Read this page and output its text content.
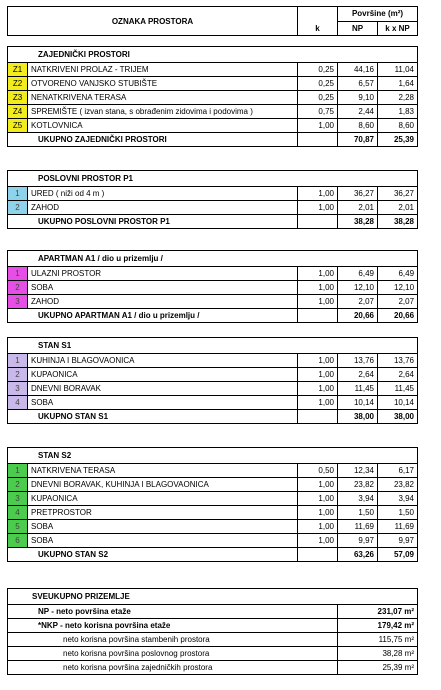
OZNAKA PROSTORA	k	Površine (m²)	
		NP	k x NP
ZAJEDNIČKI PROSTORI				
Z1	NATKRIVENI PROLAZ - TRIJEM	0,25	44,16	11,04
Z2	OTVORENO VANJSKO STUBIŠTE	0,25	6,57	1,64
Z3	NENATKRIVENA TERASA	0,25	9,10	2,28
Z4	SPREMIŠTE ( izvan stana, s obrađenim zidovima i podovima )	0,75	2,44	1,83
Z5	KOTLOVNICA	1,00	8,60	8,60
UKUPNO ZAJEDNIČKI PROSTORI			70,87	25,39
POSLOVNI PROSTOR P1				
1	URED ( niži od 4 m )	1,00	36,27	36,27
2	ZAHOD	1,00	2,01	2,01
UKUPNO POSLOVNI PROSTOR P1			38,28	38,28
APARTMAN A1 / dio u prizemlju /				
1	ULAZNI PROSTOR	1,00	6,49	6,49
2	SOBA	1,00	12,10	12,10
3	ZAHOD	1,00	2,07	2,07
UKUPNO APARTMAN A1 / dio u prizemlju /			20,66	20,66
STAN S1				
1	KUHINJA I BLAGOVAONICA	1,00	13,76	13,76
2	KUPAONICA	1,00	2,64	2,64
3	DNEVNI BORAVAK	1,00	11,45	11,45
4	SOBA	1,00	10,14	10,14
UKUPNO STAN S1			38,00	38,00
STAN S2				
1	NATKRIVENA TERASA	0,50	12,34	6,17
2	DNEVNI BORAVAK, KUHINJA I BLAGOVAONICA	1,00	23,82	23,82
3	KUPAONICA	1,00	3,94	3,94
4	PRETPROSTOR	1,00	1,50	1,50
5	SOBA	1,00	11,69	11,69
6	SOBA	1,00	9,97	9,97
UKUPNO STAN S2			63,26	57,09
SVEUKUPNO PRIZEMLJE	
NP - neto površina etaže	231,07 m²
*NKP - neto korisna površina etaže	179,42 m²
neto korisna površina stambenih prostora	115,75 m²
neto korisna površina poslovnog prostora	38,28 m²
neto korisna površina zajedničkih prostora	25,39 m²
